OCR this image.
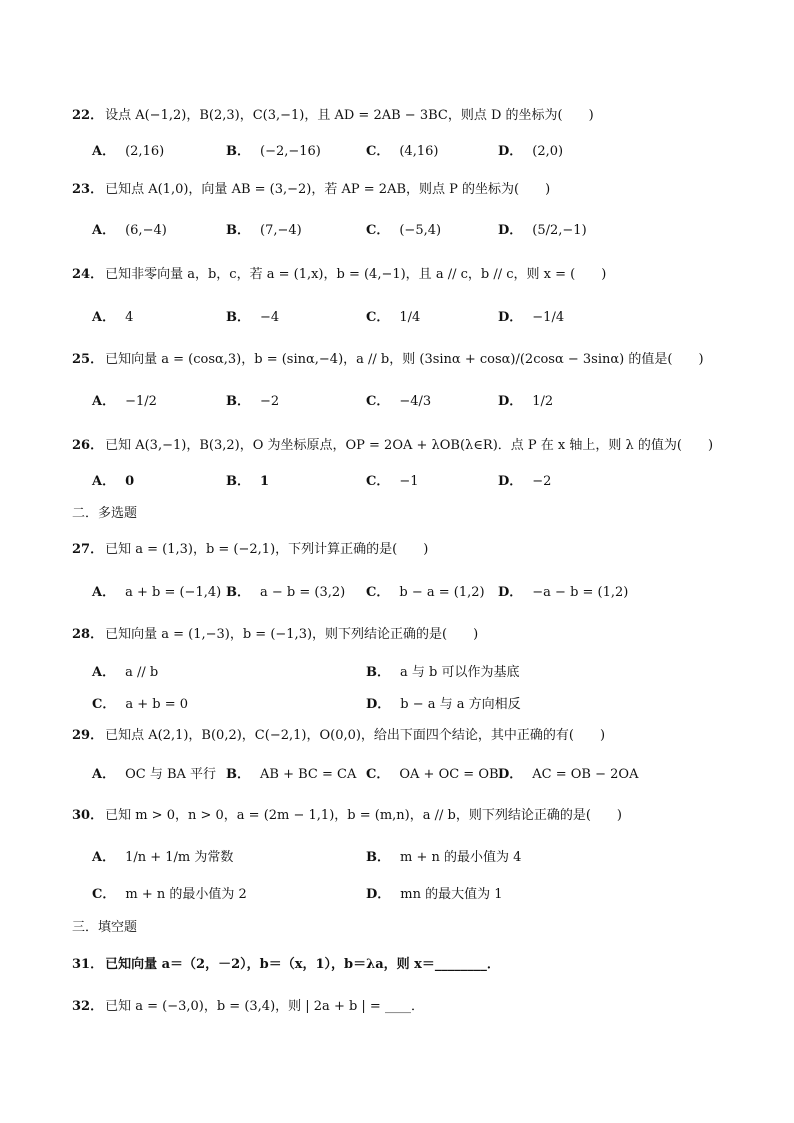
22． 设点 A(−1,2)，B(2,3)，C(3,−1)，且 AD = 2AB − 3BC，则点 D 的坐标为(　　)
A． (2,16)	B． (−2,−16)	C． (4,16)	D． (2,0)
23． 已知点 A(1,0)，向量 AB = (3,−2)，若 AP = 2AB，则点 P 的坐标为(　　)
A． (6,−4)	B． (7,−4)	C． (−5,4)	D． (5/2,−1)
24． 已知非零向量 a，b，c，若 a = (1,x)，b = (4,−1)，且 a // c，b // c，则 x = (　　)
A． 4	B． −4	C． 1/4	D． −1/4
25． 已知向量 a = (cosα,3)，b = (sinα,−4)，a // b，则 (3sinα + cosα)/(2cosα − 3sinα) 的值是(　　)
A． −1/2	B． −2	C． −4/3	D． 1/2
26． 已知 A(3,−1)，B(3,2)，O 为坐标原点，OP = 2OA + λOB(λ∈R)．点 P 在 x 轴上，则 λ 的值为(　　)
A． 0	B． 1	C． −1	D． −2
二．多选题
27． 已知 a = (1,3)，b = (−2,1)，下列计算正确的是(　　)
A． a + b = (−1,4) B． a − b = (3,2) C． b − a = (1,2) D． −a − b = (1,2)
28． 已知向量 a = (1,−3)，b = (−1,3)，则下列结论正确的是(　　)
A． a // b	B． a 与 b 可以作为基底
C． a + b = 0	D． b − a 与 a 方向相反
29． 已知点 A(2,1)，B(0,2)，C(−2,1)，O(0,0)，给出下面四个结论，其中正确的有(　　)
A． OC 与 BA 平行 B． AB + BC = CA C． OA + OC = OB D． AC = OB − 2OA
30． 已知 m > 0，n > 0，a = (2m − 1,1)，b = (m,n)，a // b，则下列结论正确的是(　　)
A． 1/n + 1/m 为常数	B． m + n 的最小值为 4
C． m + n 的最小值为 2	D． mn 的最大值为 1
三．填空题
31． 已知向量 a＝（2，－2），b＝（x，1），b＝λa，则 x＝________．
32． 已知 a = (−3,0)，b = (3,4)，则 | 2a + b | = ____．
